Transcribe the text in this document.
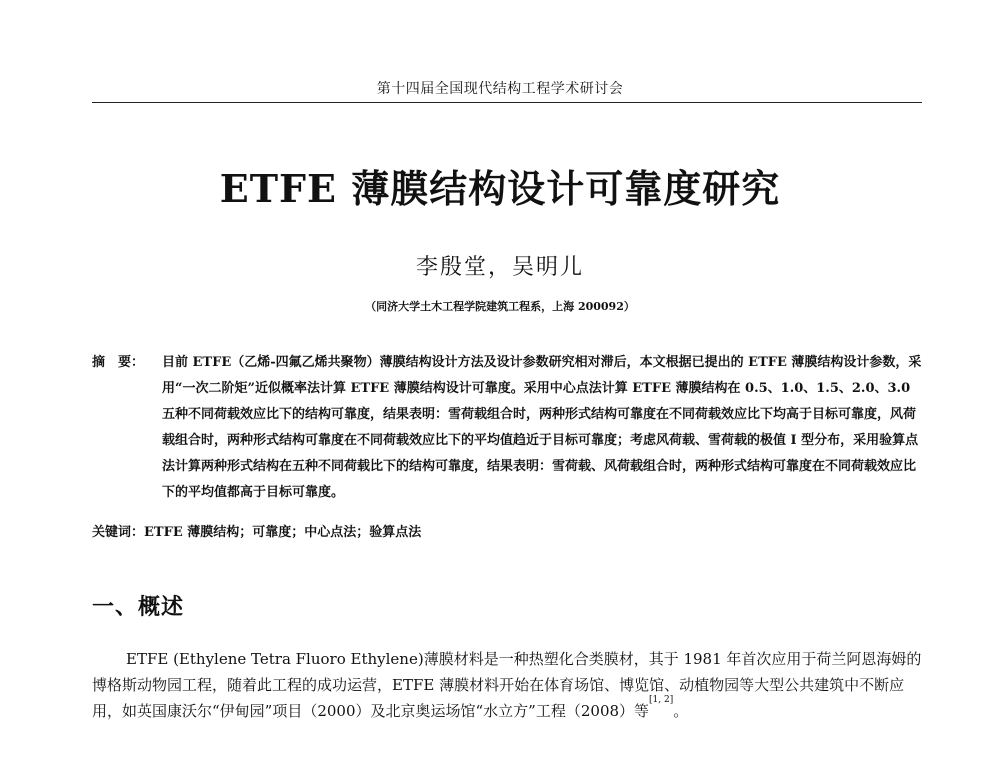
第十四届全国现代结构工程学术研讨会
ETFE 薄膜结构设计可靠度研究
李殷堂，吴明儿
（同济大学土木工程学院建筑工程系，上海 200092）
摘　要：	目前 ETFE（乙烯-四氟乙烯共聚物）薄膜结构设计方法及设计参数研究相对滞后，本文根据已提出的 ETFE 薄膜结构设计参数，采用“一次二阶矩”近似概率法计算 ETFE 薄膜结构设计可靠度。采用中心点法计算 ETFE 薄膜结构在 0.5、1.0、1.5、2.0、3.0 五种不同荷载效应比下的结构可靠度，结果表明：雪荷载组合时，两种形式结构可靠度在不同荷载效应比下均高于目标可靠度，风荷载组合时，两种形式结构可靠度在不同荷载效应比下的平均值趋近于目标可靠度；考虑风荷载、雪荷载的极值 I 型分布，采用验算点法计算两种形式结构在五种不同荷载比下的结构可靠度，结果表明：雪荷载、风荷载组合时，两种形式结构可靠度在不同荷载效应比下的平均值都高于目标可靠度。
关键词：ETFE 薄膜结构；可靠度；中心点法；验算点法
一、概述
ETFE (Ethylene Tetra Fluoro Ethylene)薄膜材料是一种热塑化合类膜材，其于 1981 年首次应用于荷兰阿恩海姆的博格斯动物园工程，随着此工程的成功运营，ETFE 薄膜材料开始在体育场馆、博览馆、动植物园等大型公共建筑中不断应用，如英国康沃尔“伊甸园”项目（2000）及北京奥运场馆“水立方”工程（2008）等[1, 2]。
